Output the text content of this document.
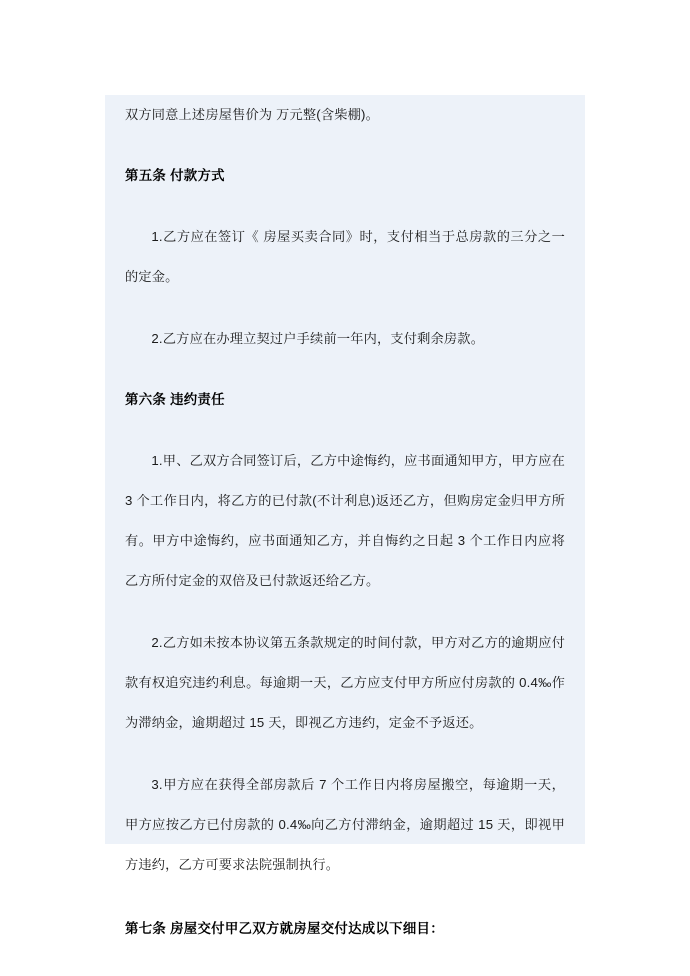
双方同意上述房屋售价为 万元整(含柴棚)。

第五条 付款方式

1.乙方应在签订《 房屋买卖合同》时，支付相当于总房款的三分之一的定金。

2.乙方应在办理立契过户手续前一年内，支付剩余房款。

第六条 违约责任

1.甲、乙双方合同签订后，乙方中途悔约，应书面通知甲方，甲方应在 3 个工作日内，将乙方的已付款(不计利息)返还乙方，但购房定金归甲方所有。甲方中途悔约，应书面通知乙方，并自悔约之日起 3 个工作日内应将乙方所付定金的双倍及已付款返还给乙方。

2.乙方如未按本协议第五条款规定的时间付款，甲方对乙方的逾期应付款有权追究违约利息。每逾期一天，乙方应支付甲方所应付房款的 0.4‰作为滞纳金，逾期超过 15 天，即视乙方违约，定金不予返还。

3.甲方应在获得全部房款后 7 个工作日内将房屋搬空，每逾期一天，甲方应按乙方已付房款的 0.4‰向乙方付滞纳金，逾期超过 15 天，即视甲方违约，乙方可要求法院强制执行。

第七条 房屋交付甲乙双方就房屋交付达成以下细目：
